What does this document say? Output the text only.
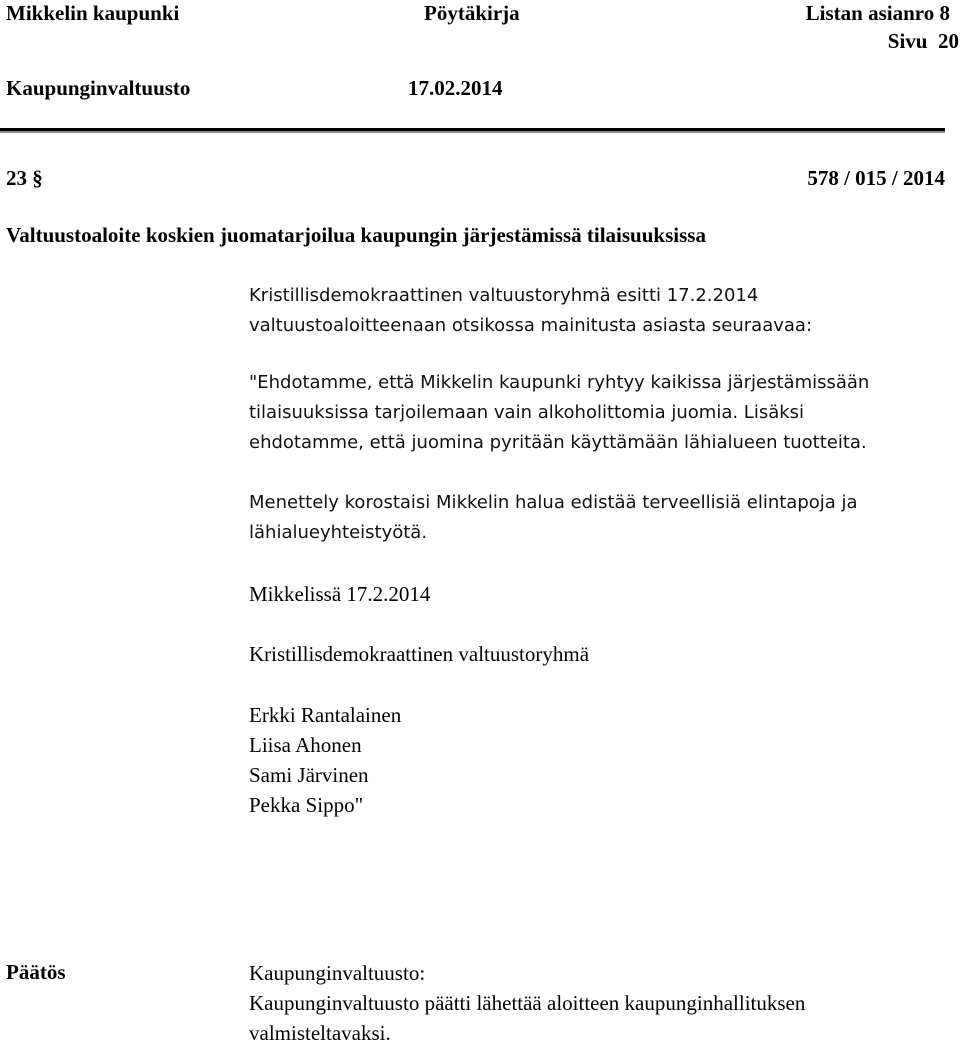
Mikkelin kaupunki	Pöytäkirja	Listan asianro 8
Sivu  20
Kaupunginvaltuusto	17.02.2014
23 §	578 / 015 / 2014
Valtuustoaloite koskien juomatarjoilua kaupungin järjestämissä tilaisuuksissa
Kristillisdemokraattinen valtuustoryhmä esitti 17.2.2014
valtuustoaloitteenaan otsikossa mainitusta asiasta seuraavaa:
"Ehdotamme, että Mikkelin kaupunki ryhtyy kaikissa järjestämissään
tilaisuuksissa tarjoilemaan vain alkoholittomia juomia. Lisäksi
ehdotamme, että juomina pyritään käyttämään lähialueen tuotteita.
Menettely korostaisi Mikkelin halua edistää terveellisiä elintapoja ja
lähialueyhteistyötä.
Mikkelissä 17.2.2014
Kristillisdemokraattinen valtuustoryhmä
Erkki Rantalainen
Liisa Ahonen
Sami Järvinen
Pekka Sippo"
Päätös	Kaupunginvaltuusto:
Kaupunginvaltuusto päätti lähettää aloitteen kaupunginhallituksen
valmisteltavaksi.
